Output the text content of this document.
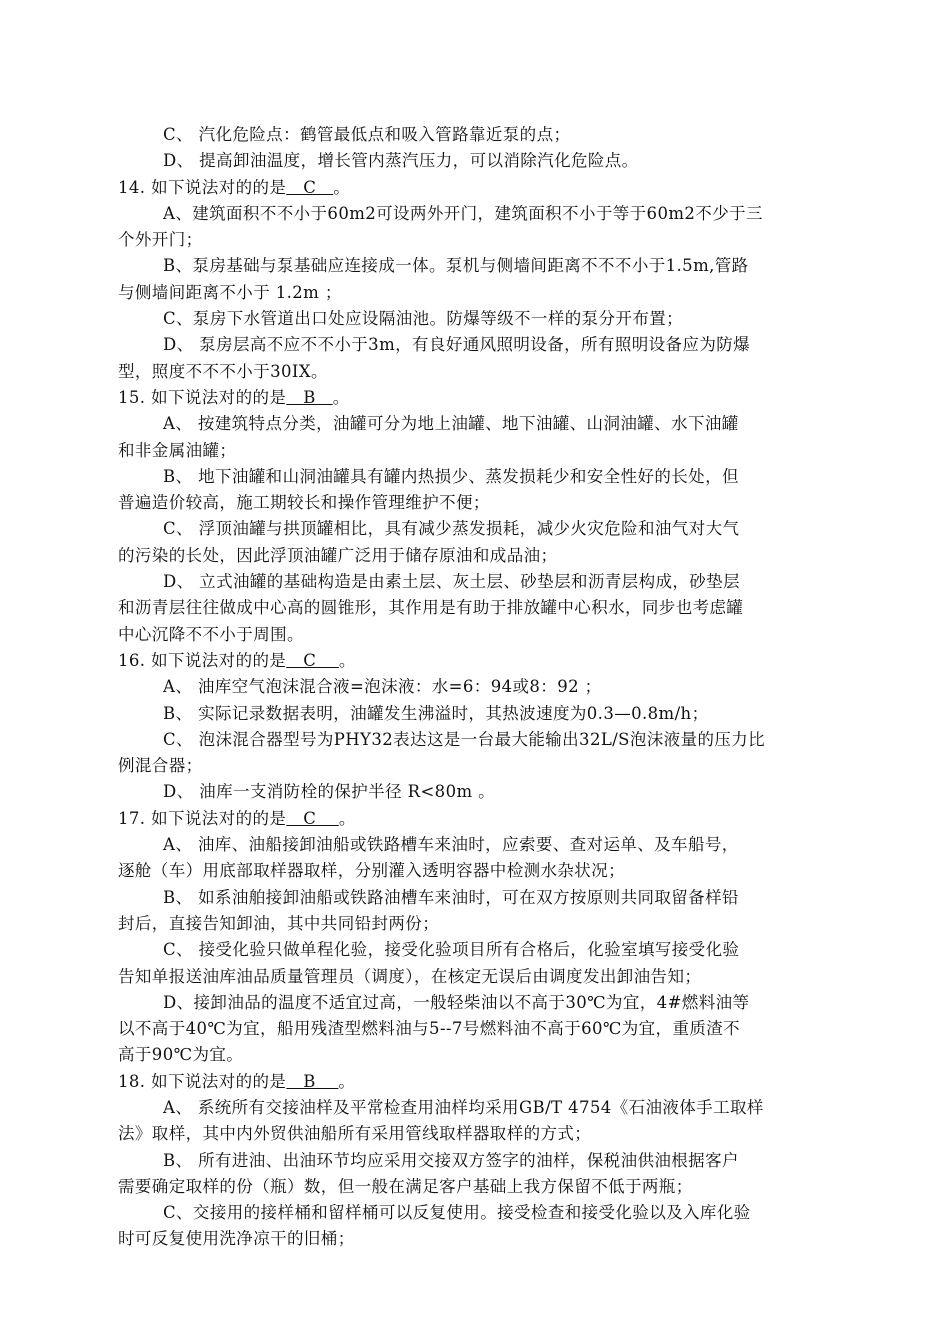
C、 汽化危险点：鹤管最低点和吸入管路靠近泵的点；
D、 提高卸油温度，增长管内蒸汽压力，可以消除汽化危险点。
14. 如下说法对的的是   C   。
A、建筑面积不不小于60m2可设两外开门，建筑面积不小于等于60m2不少于三
个外开门；
B、泵房基础与泵基础应连接成一体。泵机与侧墙间距离不不不小于1.5m,管路
与侧墙间距离不小于 1.2m ；
C、泵房下水管道出口处应设隔油池。防爆等级不一样的泵分开布置；
D、 泵房层高不应不不小于3m，有良好通风照明设备，所有照明设备应为防爆
型，照度不不不小于30IX。
15. 如下说法对的的是   B   。
A、 按建筑特点分类，油罐可分为地上油罐、地下油罐、山洞油罐、水下油罐
和非金属油罐；
B、 地下油罐和山洞油罐具有罐内热损少、蒸发损耗少和安全性好的长处，但
普遍造价较高，施工期较长和操作管理维护不便；
C、 浮顶油罐与拱顶罐相比，具有减少蒸发损耗，减少火灾危险和油气对大气
的污染的长处，因此浮顶油罐广泛用于储存原油和成品油；
D、 立式油罐的基础构造是由素土层、灰土层、砂垫层和沥青层构成，砂垫层
和沥青层往往做成中心高的圆锥形，其作用是有助于排放罐中心积水，同步也考虑罐
中心沉降不不小于周围。
16. 如下说法对的的是   C    。
A、 油库空气泡沫混合液=泡沫液：水=6：94或8：92 ；
B、 实际记录数据表明，油罐发生沸溢时，其热波速度为0.3—0.8m/h；
C、 泡沫混合器型号为PHY32表达这是一台最大能输出32L/S泡沫液量的压力比
例混合器；
D、 油库一支消防栓的保护半径 R<80m 。
17. 如下说法对的的是   C    。
A、 油库、油船接卸油船或铁路槽车来油时，应索要、查对运单、及车船号，
逐舱（车）用底部取样器取样，分别灌入透明容器中检测水杂状况；
B、 如系油舶接卸油船或铁路油槽车来油时，可在双方按原则共同取留备样铅
封后，直接告知卸油，其中共同铅封两份；
C、 接受化验只做单程化验，接受化验项目所有合格后，化验室填写接受化验
告知单报送油库油品质量管理员（调度），在核定无误后由调度发出卸油告知；
D、接卸油品的温度不适宜过高，一般轻柴油以不高于30℃为宜，4#燃料油等
以不高于40℃为宜，船用残渣型燃料油与5--7号燃料油不高于60℃为宜，重质渣不
高于90℃为宜。
18. 如下说法对的的是   B    。
A、 系统所有交接油样及平常检查用油样均采用GB/T 4754《石油液体手工取样
法》取样，其中内外贸供油船所有采用管线取样器取样的方式；
B、 所有进油、出油环节均应采用交接双方签字的油样，保税油供油根据客户
需要确定取样的份（瓶）数，但一般在满足客户基础上我方保留不低于两瓶；
C、交接用的接样桶和留样桶可以反复使用。接受检查和接受化验以及入库化验
时可反复使用洗净凉干的旧桶；
